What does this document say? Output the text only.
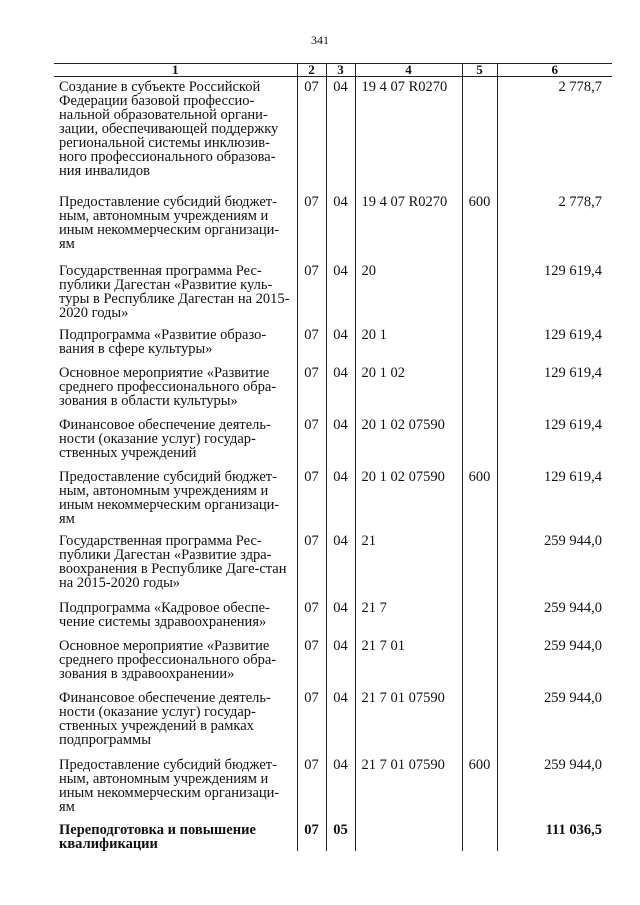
341
1	2	3	4	5	6
Создание в субъекте Российской Федерации базовой профессио-нальной образовательной органи-зации, обеспечивающей поддержку региональной системы инклюзив-ного профессионального образова-ния инвалидов	07	04	19 4 07 R0270		2 778,7
Предоставление субсидий бюджет-ным, автономным учреждениям и иным некоммерческим организаци-ям	07	04	19 4 07 R0270	600	2 778,7
Государственная программа Рес-публики Дагестан «Развитие куль-туры в Республике Дагестан на 2015-2020 годы»	07	04	20		129 619,4
Подпрограмма «Развитие образо-вания в сфере культуры»	07	04	20 1		129 619,4
Основное мероприятие «Развитие среднего профессионального обра-зования в области культуры»	07	04	20 1 02		129 619,4
Финансовое обеспечение деятель-ности (оказание услуг) государ-ственных учреждений	07	04	20 1 02 07590		129 619,4
Предоставление субсидий бюджет-ным, автономным учреждениям и иным некоммерческим организаци-ям	07	04	20 1 02 07590	600	129 619,4
Государственная программа Рес-публики Дагестан «Развитие здра-воохранения в Республике Даге-стан на 2015-2020 годы»	07	04	21		259 944,0
Подпрограмма «Кадровое обеспе-чение системы здравоохранения»	07	04	21 7		259 944,0
Основное мероприятие «Развитие среднего профессионального обра-зования в здравоохранении»	07	04	21 7 01		259 944,0
Финансовое обеспечение деятель-ности (оказание услуг) государ-ственных учреждений в рамках подпрограммы	07	04	21 7 01 07590		259 944,0
Предоставление субсидий бюджет-ным, автономным учреждениям и иным некоммерческим организаци-ям	07	04	21 7 01 07590	600	259 944,0
Переподготовка и повышение квалификации	07	05			111 036,5
